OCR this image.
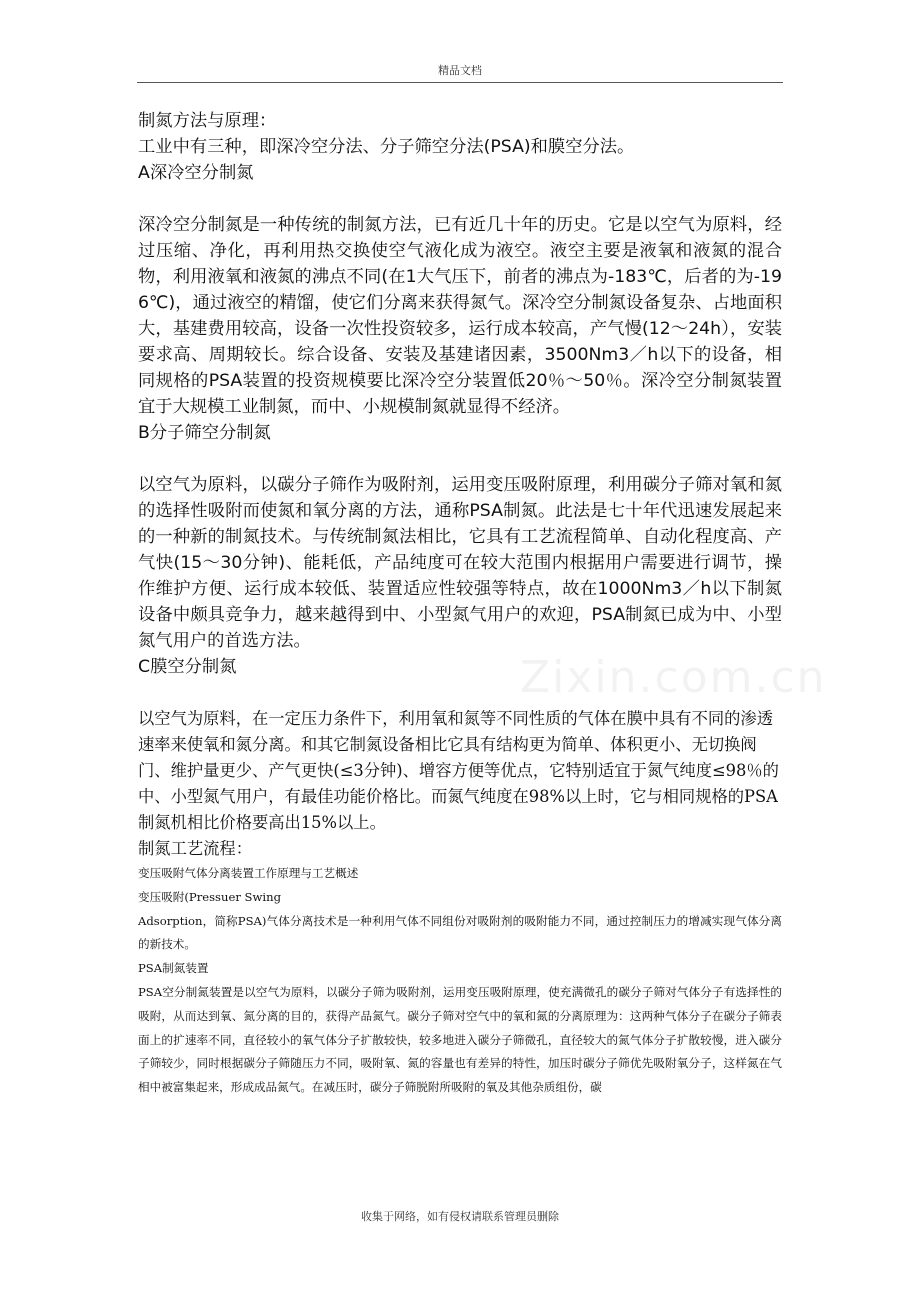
精品文档
Zixin.com.cn

制氮方法与原理：

工业中有三种，即深冷空分法、分子筛空分法(PSA)和膜空分法。

A深冷空分制氮

深冷空分制氮是一种传统的制氮方法，已有近几十年的历史。它是以空气为原料，经过压缩、净化，再利用热交换使空气液化成为液空。液空主要是液氧和液氮的混合物，利用液氧和液氮的沸点不同(在1大气压下，前者的沸点为-183℃，后者的为-196℃)，通过液空的精馏，使它们分离来获得氮气。深冷空分制氮设备复杂、占地面积大，基建费用较高，设备一次性投资较多，运行成本较高，产气慢(12～24h），安装要求高、周期较长。综合设备、安装及基建诸因素，3500Nm3／h以下的设备，相同规格的PSA装置的投资规模要比深冷空分装置低20％～50％。深冷空分制氮装置宜于大规模工业制氮，而中、小规模制氮就显得不经济。

B分子筛空分制氮

以空气为原料，以碳分子筛作为吸附剂，运用变压吸附原理，利用碳分子筛对氧和氮的选择性吸附而使氮和氧分离的方法，通称PSA制氮。此法是七十年代迅速发展起来的一种新的制氮技术。与传统制氮法相比，它具有工艺流程简单、自动化程度高、产气快(15～30分钟)、能耗低，产品纯度可在较大范围内根据用户需要进行调节，操作维护方便、运行成本较低、装置适应性较强等特点，故在1000Nm3／h以下制氮设备中颇具竞争力，越来越得到中、小型氮气用户的欢迎，PSA制氮已成为中、小型氮气用户的首选方法。

C膜空分制氮

以空气为原料，在一定压力条件下，利用氧和氮等不同性质的气体在膜中具有不同的渗透速率来使氧和氮分离。和其它制氮设备相比它具有结构更为简单、体积更小、无切换阀门、维护量更少、产气更快(≤3分钟)、增容方便等优点，它特别适宜于氮气纯度≤98％的中、小型氮气用户，有最佳功能价格比。而氮气纯度在98%以上时，它与相同规格的PSA制氮机相比价格要高出15%以上。

制氮工艺流程：

变压吸附气体分离装置工作原理与工艺概述

变压吸附(Pressuer Swing

Adsorption，简称PSA)气体分离技术是一种利用气体不同组份对吸附剂的吸附能力不同，通过控制压力的增减实现气体分离的新技术。

PSA制氮装置

PSA空分制氮装置是以空气为原料，以碳分子筛为吸附剂，运用变压吸附原理，使充满微孔的碳分子筛对气体分子有选择性的吸附，从而达到氧、氮分离的目的，获得产品氮气。碳分子筛对空气中的氧和氮的分离原理为：这两种气体分子在碳分子筛表面上的扩速率不同，直径较小的氧气体分子扩散较快，较多地进入碳分子筛微孔，直径较大的氮气体分子扩散较慢，进入碳分子筛较少，同时根据碳分子筛随压力不同，吸附氧、氮的容量也有差异的特性，加压时碳分子筛优先吸附氧分子，这样氮在气相中被富集起来，形成成品氮气。在减压时，碳分子筛脱附所吸附的氧及其他杂质组份，碳

收集于网络，如有侵权请联系管理员删除
